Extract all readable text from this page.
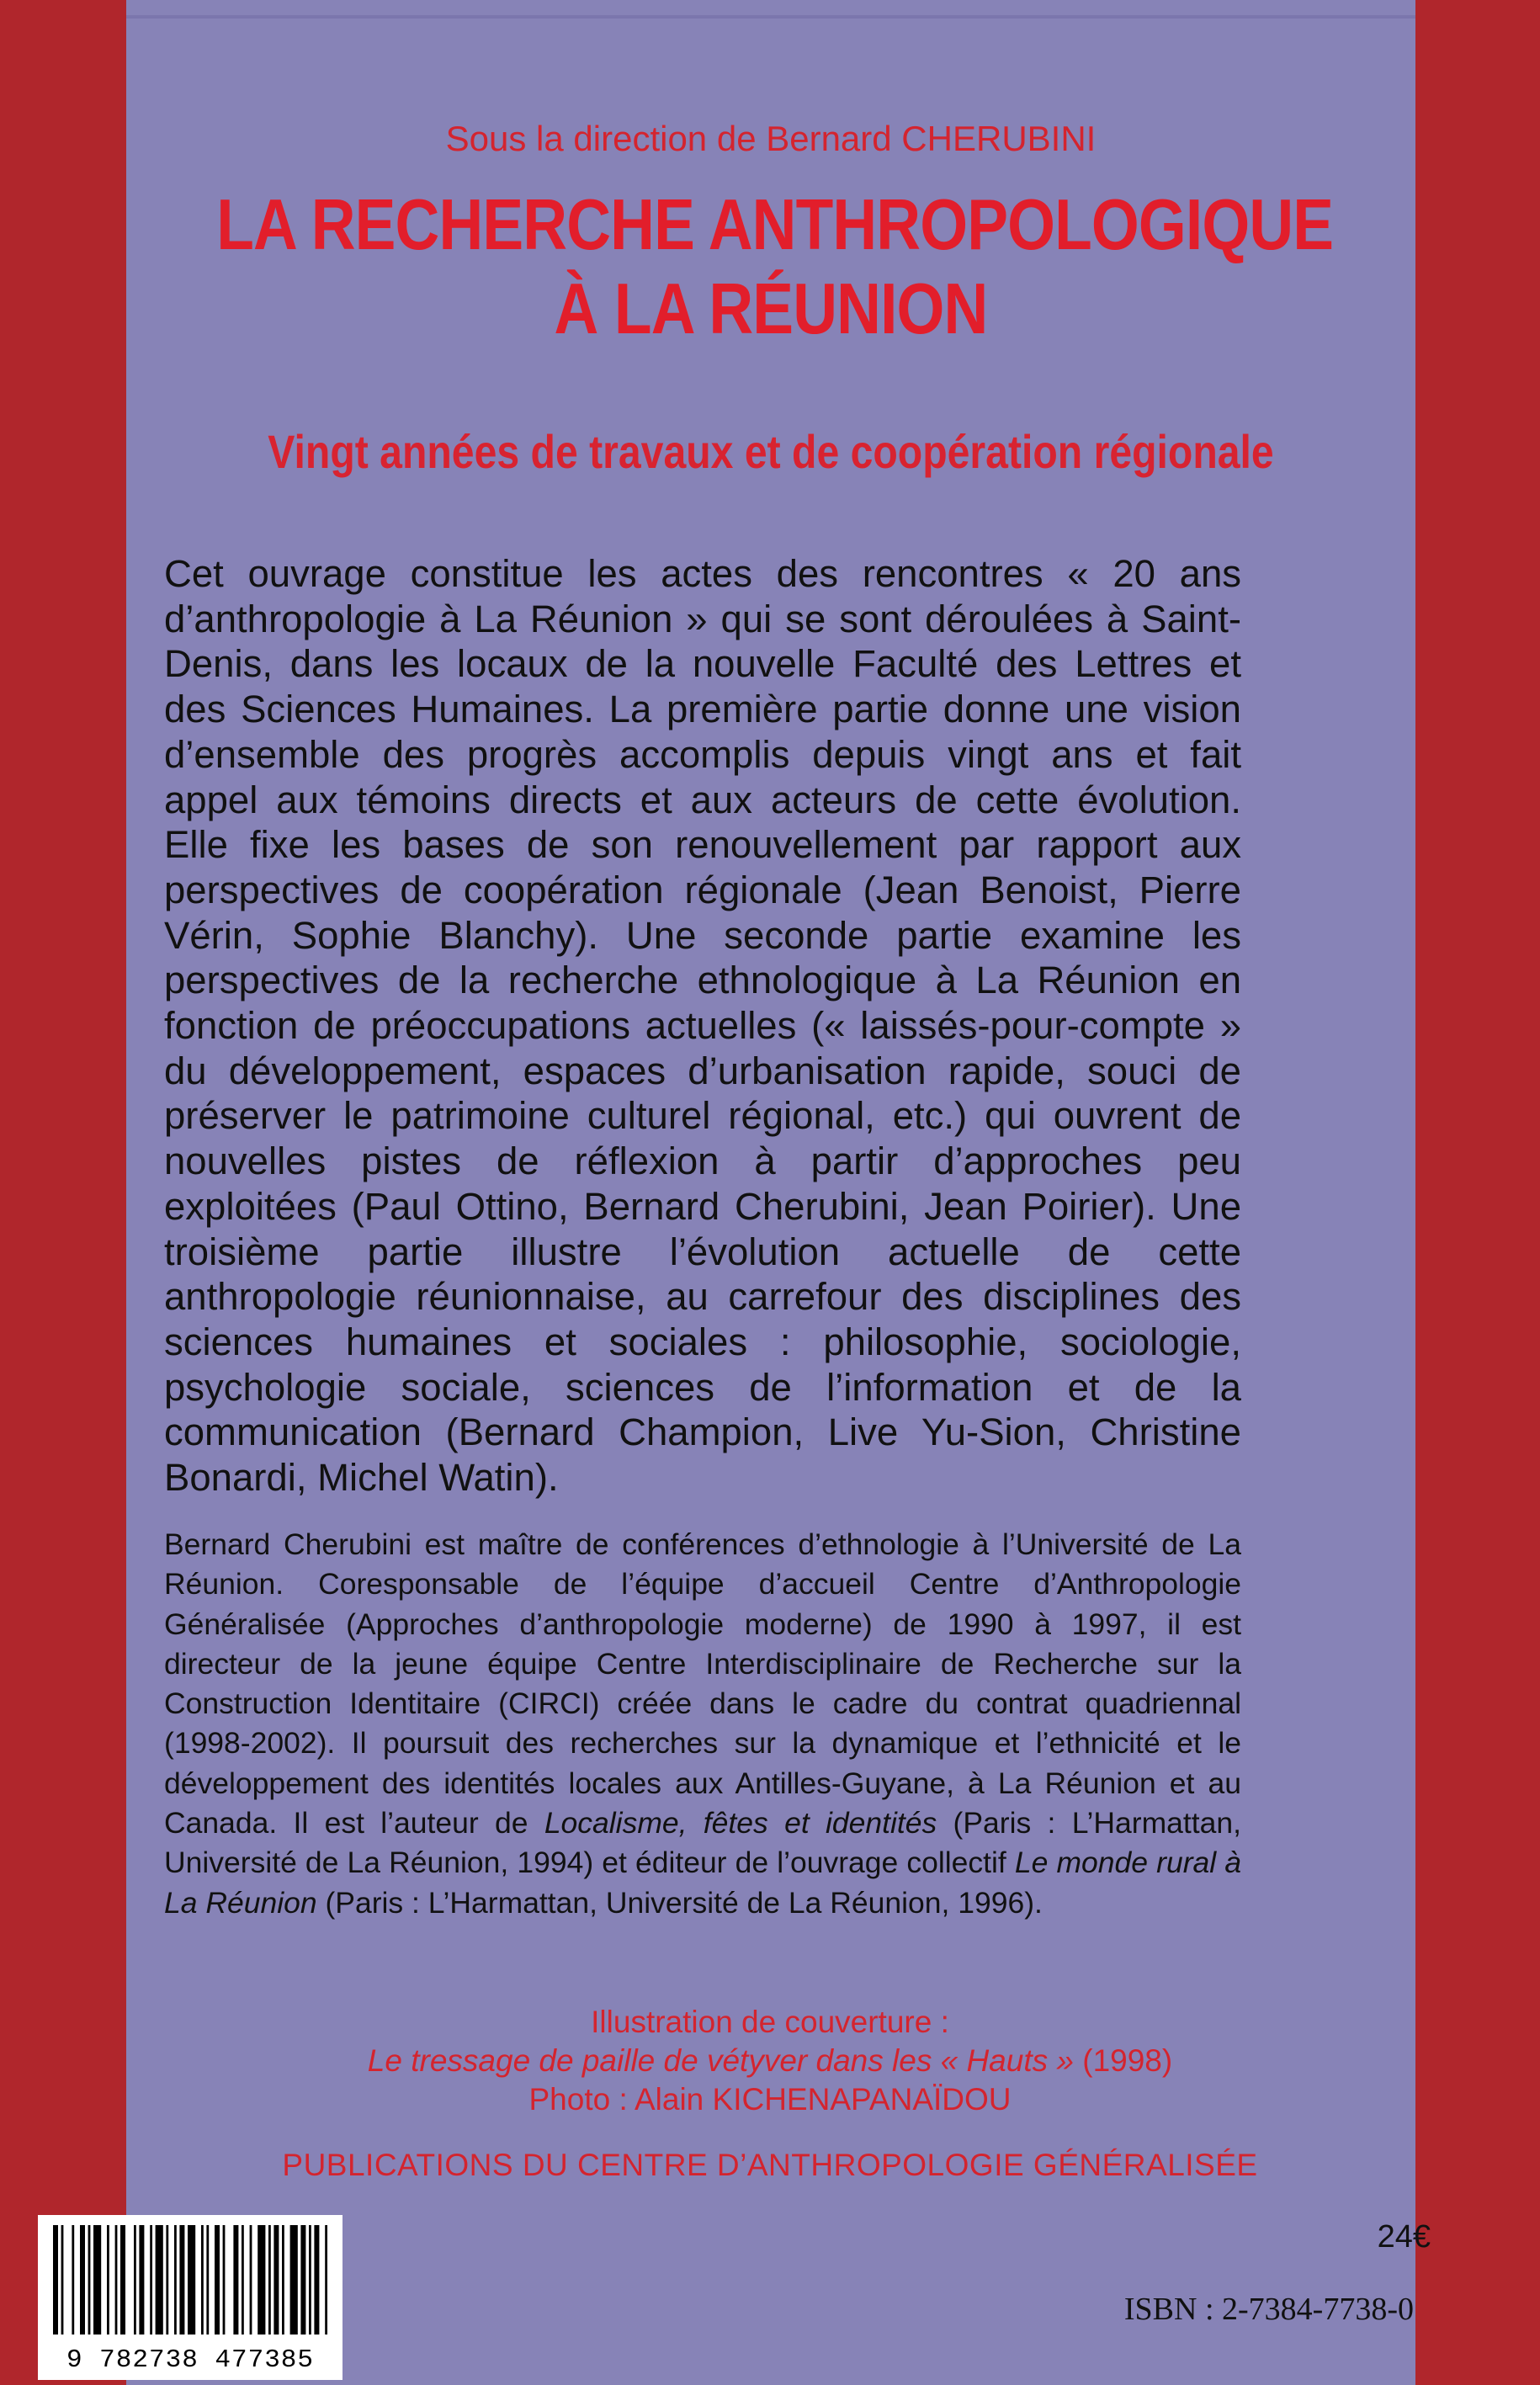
Sous la direction de Bernard CHERUBINI
LA RECHERCHE ANTHROPOLOGIQUE
À LA RÉUNION
Vingt années de travaux et de coopération régionale

Cet ouvrage constitue les actes des rencontres « 20 ans d’anthropologie à La Réunion » qui se sont déroulées à Saint-Denis, dans les locaux de la nouvelle Faculté des Lettres et des Sciences Humaines. La première partie donne une vision d’ensemble des progrès accomplis depuis vingt ans et fait appel aux témoins directs et aux acteurs de cette évolution. Elle fixe les bases de son renouvellement par rapport aux perspectives de coopération régionale (Jean Benoist, Pierre Vérin, Sophie Blanchy). Une seconde partie examine les perspectives de la recherche ethnologique à La Réunion en fonction de préoccupations actuelles (« laissés-pour-compte » du développement, espaces d’urbanisation rapide, souci de préserver le patrimoine culturel régional, etc.) qui ouvrent de nouvelles pistes de réflexion à partir d’approches peu exploitées (Paul Ottino, Bernard Cherubini, Jean Poirier). Une troisième partie illustre l’évolution actuelle de cette anthropologie réunionnaise, au carrefour des disciplines des sciences humaines et sociales : philosophie, sociologie, psychologie sociale, sciences de l’information et de la communication (Bernard Champion, Live Yu-Sion, Christine Bonardi, Michel Watin).

Bernard Cherubini est maître de conférences d’ethnologie à l’Université de La Réunion. Coresponsable de l’équipe d’accueil Centre d’Anthropologie Généralisée (Approches d’anthropologie moderne) de 1990 à 1997, il est directeur de la jeune équipe Centre Interdisciplinaire de Recherche sur la Construction Identitaire (CIRCI) créée dans le cadre du contrat quadriennal (1998-2002). Il poursuit des recherches sur la dynamique et l’ethnicité et le développement des identités locales aux Antilles-Guyane, à La Réunion et au Canada. Il est l’auteur de Localisme, fêtes et identités (Paris : L’Harmattan, Université de La Réunion, 1994) et éditeur de l’ouvrage collectif Le monde rural à La Réunion (Paris : L’Harmattan, Université de La Réunion, 1996).

Illustration de couverture :
Le tressage de paille de vétyver dans les « Hauts » (1998)
Photo : Alain KICHENAPANAÏDOU
PUBLICATIONS DU CENTRE D’ANTHROPOLOGIE GÉNÉRALISÉE
9 782738 477385
24€
ISBN : 2-7384-7738-0
